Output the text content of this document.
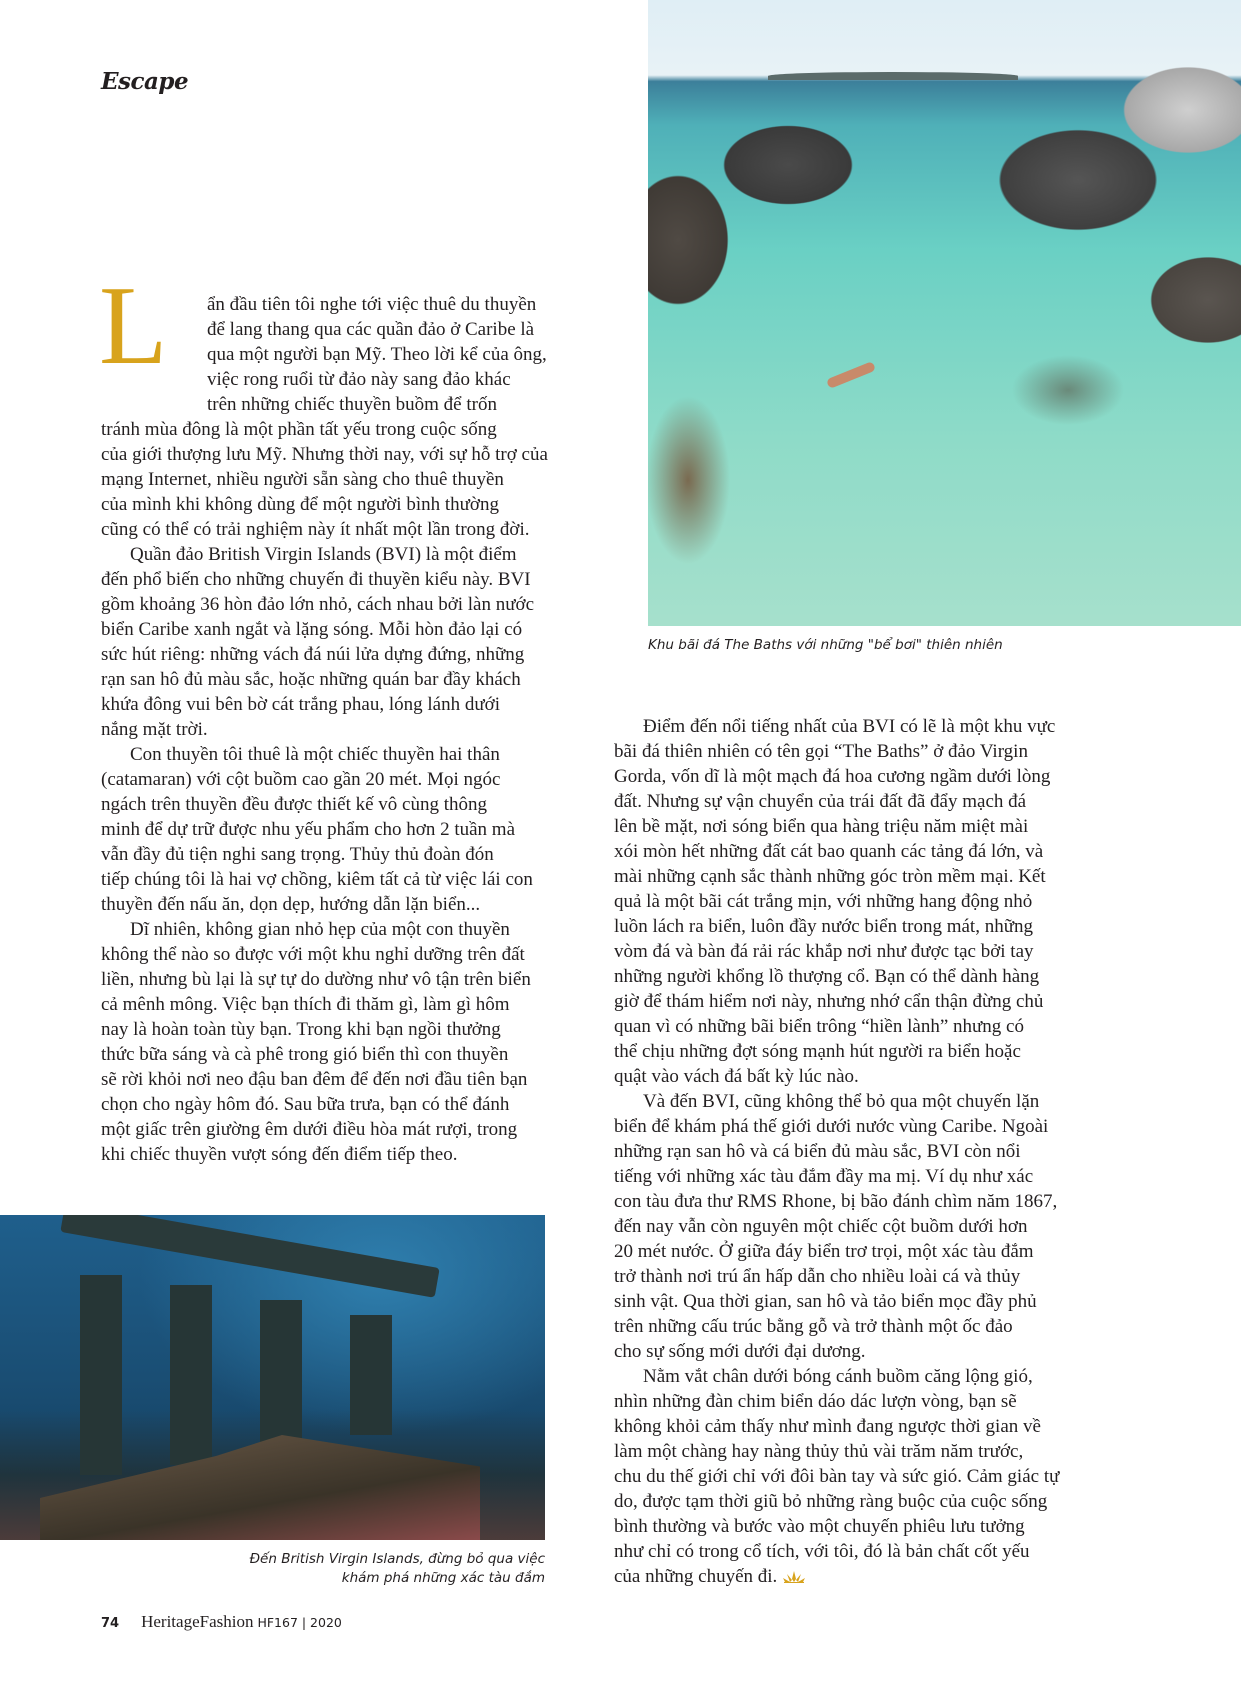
Escape
Khu bãi đá The Baths với những "bể bơi" thiên nhiên
Đến British Virgin Islands, đừng bỏ qua việc
khám phá những xác tàu đắm
L	ẩn đầu tiên tôi nghe tới việc thuê du thuyền
để lang thang qua các quần đảo ở Caribe là
qua một người bạn Mỹ. Theo lời kể của ông,
việc rong ruổi từ đảo này sang đảo khác
trên những chiếc thuyền buồm để trốn
tránh mùa đông là một phần tất yếu trong cuộc sống
của giới thượng lưu Mỹ. Nhưng thời nay, với sự hỗ trợ của
mạng Internet, nhiều người sẵn sàng cho thuê thuyền
của mình khi không dùng để một người bình thường
cũng có thể có trải nghiệm này ít nhất một lần trong đời.
Quần đảo British Virgin Islands (BVI) là một điểm
đến phổ biến cho những chuyến đi thuyền kiểu này. BVI
gồm khoảng 36 hòn đảo lớn nhỏ, cách nhau bởi làn nước
biển Caribe xanh ngắt và lặng sóng. Mỗi hòn đảo lại có
sức hút riêng: những vách đá núi lửa dựng đứng, những
rạn san hô đủ màu sắc, hoặc những quán bar đầy khách
khứa đông vui bên bờ cát trắng phau, lóng lánh dưới
nắng mặt trời.
Con thuyền tôi thuê là một chiếc thuyền hai thân
(catamaran) với cột buồm cao gần 20 mét. Mọi ngóc
ngách trên thuyền đều được thiết kế vô cùng thông
minh để dự trữ được nhu yếu phẩm cho hơn 2 tuần mà
vẫn đầy đủ tiện nghi sang trọng. Thủy thủ đoàn đón
tiếp chúng tôi là hai vợ chồng, kiêm tất cả từ việc lái con
thuyền đến nấu ăn, dọn dẹp, hướng dẫn lặn biển...
Dĩ nhiên, không gian nhỏ hẹp của một con thuyền
không thể nào so được với một khu nghỉ dưỡng trên đất
liền, nhưng bù lại là sự tự do dường như vô tận trên biển
cả mênh mông. Việc bạn thích đi thăm gì, làm gì hôm
nay là hoàn toàn tùy bạn. Trong khi bạn ngồi thưởng
thức bữa sáng và cà phê trong gió biển thì con thuyền
sẽ rời khỏi nơi neo đậu ban đêm để đến nơi đầu tiên bạn
chọn cho ngày hôm đó. Sau bữa trưa, bạn có thể đánh
một giấc trên giường êm dưới điều hòa mát rượi, trong
khi chiếc thuyền vượt sóng đến điểm tiếp theo.
Điểm đến nổi tiếng nhất của BVI có lẽ là một khu vực
bãi đá thiên nhiên có tên gọi “The Baths” ở đảo Virgin
Gorda, vốn dĩ là một mạch đá hoa cương ngầm dưới lòng
đất. Nhưng sự vận chuyển của trái đất đã đẩy mạch đá
lên bề mặt, nơi sóng biển qua hàng triệu năm miệt mài
xói mòn hết những đất cát bao quanh các tảng đá lớn, và
mài những cạnh sắc thành những góc tròn mềm mại. Kết
quả là một bãi cát trắng mịn, với những hang động nhỏ
luồn lách ra biển, luôn đầy nước biển trong mát, những
vòm đá và bàn đá rải rác khắp nơi như được tạc bởi tay
những người khổng lồ thượng cổ. Bạn có thể dành hàng
giờ để thám hiểm nơi này, nhưng nhớ cẩn thận đừng chủ
quan vì có những bãi biển trông “hiền lành” nhưng có
thể chịu những đợt sóng mạnh hút người ra biển hoặc
quật vào vách đá bất kỳ lúc nào.
Và đến BVI, cũng không thể bỏ qua một chuyến lặn
biển để khám phá thế giới dưới nước vùng Caribe. Ngoài
những rạn san hô và cá biển đủ màu sắc, BVI còn nổi
tiếng với những xác tàu đắm đầy ma mị. Ví dụ như xác
con tàu đưa thư RMS Rhone, bị bão đánh chìm năm 1867,
đến nay vẫn còn nguyên một chiếc cột buồm dưới hơn
20 mét nước. Ở giữa đáy biển trơ trọi, một xác tàu đắm
trở thành nơi trú ẩn hấp dẫn cho nhiều loài cá và thủy
sinh vật. Qua thời gian, san hô và tảo biển mọc đầy phủ
trên những cấu trúc bằng gỗ và trở thành một ốc đảo
cho sự sống mới dưới đại dương.
Nằm vắt chân dưới bóng cánh buồm căng lộng gió,
nhìn những đàn chim biển dáo dác lượn vòng, bạn sẽ
không khỏi cảm thấy như mình đang ngược thời gian về
làm một chàng hay nàng thủy thủ vài trăm năm trước,
chu du thế giới chỉ với đôi bàn tay và sức gió. Cảm giác tự
do, được tạm thời giũ bỏ những ràng buộc của cuộc sống
bình thường và bước vào một chuyến phiêu lưu tưởng
như chỉ có trong cổ tích, với tôi, đó là bản chất cốt yếu
của những chuyến đi.
74 HeritageFashion HF167 | 2020
